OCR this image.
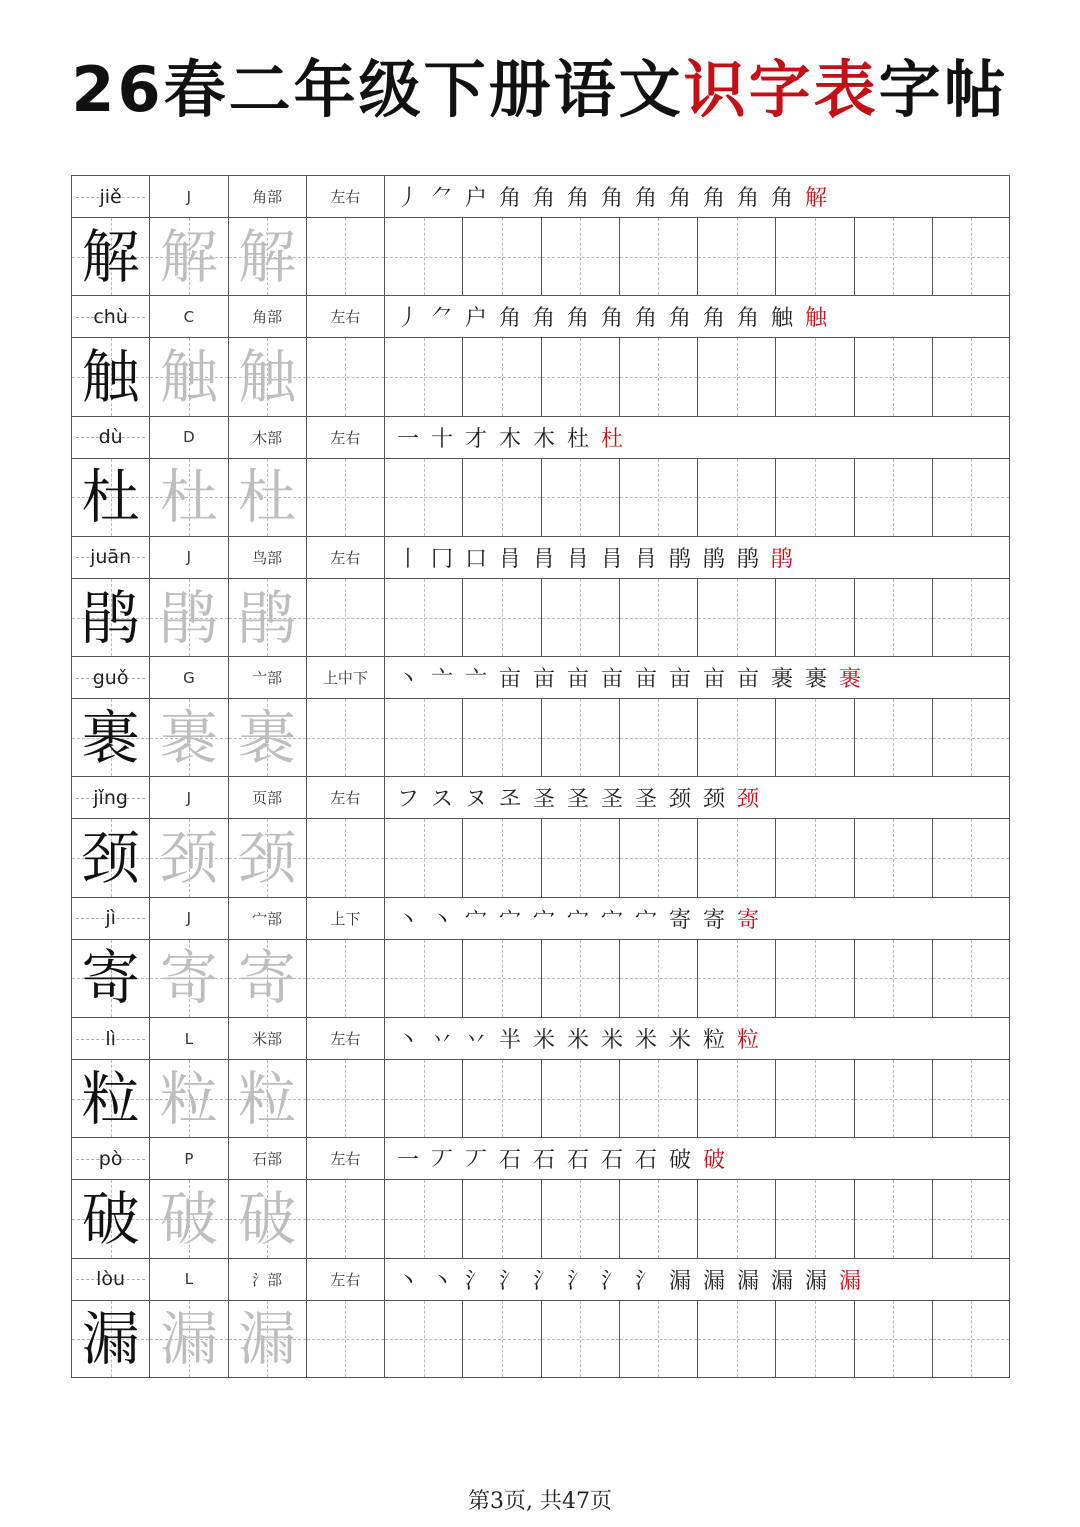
26春二年级下册语文识字表字帖
jiě	J	角部	左右 丿 ⺈ 户 角 角 角 角 角 角 角 角 角 解
解 解 解
chù	C	角部	左右 丿 ⺈ 户 角 角 角 角 角 角 角 角 触 触
触 触 触
dù	D	木部	左右 一 十 才 木 木 杜 杜
杜 杜 杜
juān	J	鸟部	左右 丨 冂 口 肙 肙 肙 肙 肙 鹃 鹃 鹃 鹃
鹃 鹃 鹃
guǒ	G	亠部	上中下 丶 亠 亠 亩 亩 亩 亩 亩 亩 亩 亩 裹 裹 裹
裹 裹 裹
jǐng	J	页部	左右 フ ス ヌ 조 圣 圣 圣 圣 颈 颈 颈
颈 颈 颈
jì	J	宀部	上下 丶 丶 宀 宀 宀 宀 宀 宀 寄 寄 寄
寄 寄 寄
lì	L	米部	左右 丶 丷 丷 半 米 米 米 米 米 粒 粒
粒 粒 粒
pò	P	石部	左右 一 丆 丆 石 石 石 石 石 破 破
破 破 破
lòu	L	氵部	左右 丶 丶 氵 氵 氵 氵 氵 氵 漏 漏 漏 漏 漏 漏
漏 漏 漏
第3页, 共47页
